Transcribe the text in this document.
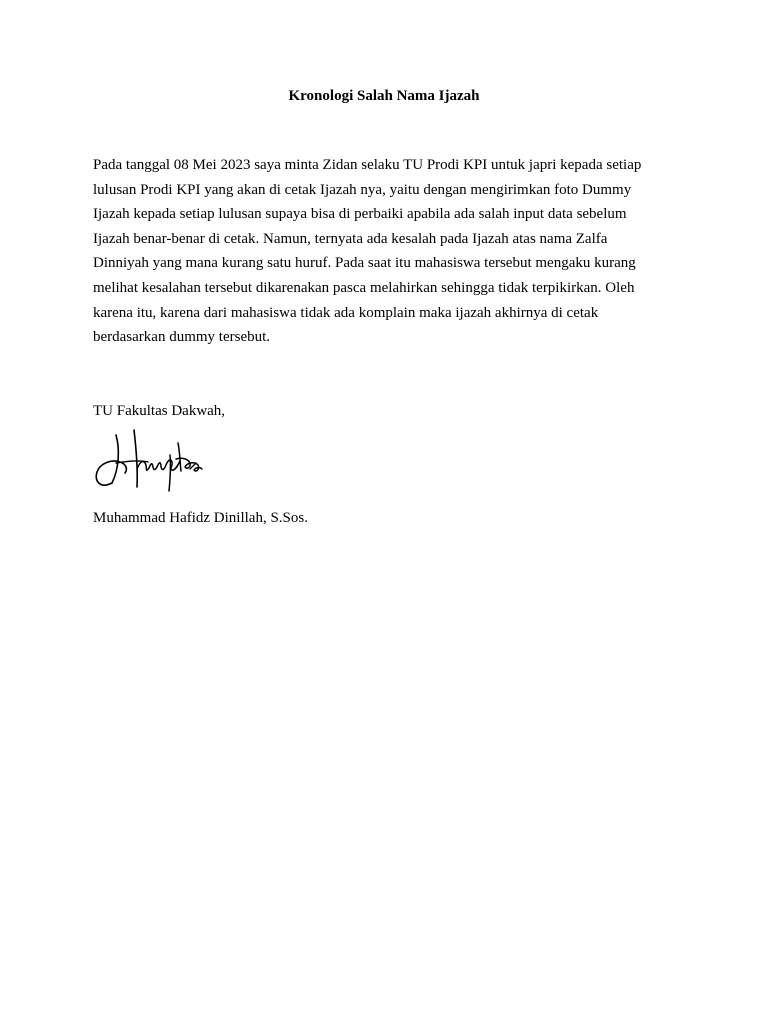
Kronologi Salah Nama Ijazah
Pada tanggal 08 Mei 2023 saya minta Zidan selaku TU Prodi KPI untuk japri kepada setiap
lulusan Prodi KPI yang akan di cetak Ijazah nya, yaitu dengan mengirimkan foto Dummy
Ijazah kepada setiap lulusan supaya bisa di perbaiki apabila ada salah input data sebelum
Ijazah benar-benar di cetak. Namun, ternyata ada kesalah pada Ijazah atas nama Zalfa
Dinniyah yang mana kurang satu huruf. Pada saat itu mahasiswa tersebut mengaku kurang
melihat kesalahan tersebut dikarenakan pasca melahirkan sehingga tidak terpikirkan. Oleh
karena itu, karena dari mahasiswa tidak ada komplain maka ijazah akhirnya di cetak
berdasarkan dummy tersebut.

TU Fakultas Dakwah,

Muhammad Hafidz Dinillah, S.Sos.
